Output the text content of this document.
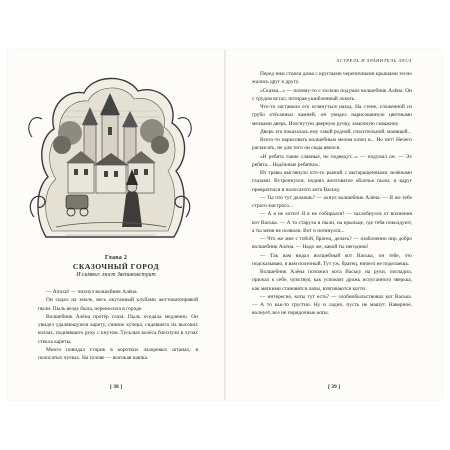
Глава 2
СКАЗОЧНЫЙ ГОРОД
И символ: мост Звенинокстрит

— Апчхи! — чихнул волшебник Алёна.

Он сидел на земле, весь окутанный клубами жестоватонрявой пыли. Пыль везде была, переносила в городе.

Волшебник Алёна протёр глаза. Пыль оседала медленно. Он увидел удаляющуюся карету, синюю кучера, сидевшего на высоких козлах, поднявшего руку с кнутом. Тусклые колёса блеснули в лучах стекла кареты.

Много повидал старик в коротких лазоревых штанах, в полосатых чулках. На голове — высокая шапка.

[ 38 ]
АСТРЕЛЬ И ХРАНИТЕЛЬ ЛЕСА

Перед ним стояли дома с круглыми черепичными крышами тесно жались друг к другу.

«Сказка...» — почему-то с тоскою подумал волшебник Алёна. Он с трудом встал, потирая ушибленный локоть.

Что-то заставило его оглянуться назад. На стене, сложенной из грубо отёсанных камней, он увидел нарисованную цветными мелками дверь. Изогнутую дверную ручку, замочную скважину.

Дверь эта показалась ему такой родной, спасительной, манящей...

Всего-то нарисовать волшебным мелом ключ и... Но нет! Нечего раскисать, не для того он сюда явился.

«И ребята такие славные, не подведут...» — подумал он. — Эх ребята... Надёжные ребятки».

Из травы выглянуло кто-то рыжий с вытаращенными зелёными глазами. Встрепнулся, поднял желтоватое обличье пыли, и вдруг превратился в полосатого кота Ваську.

— Ты что тут делаешь? — ахнул волшебник Алёна. — Я же тебе строго-настрого...

— А я не хотел! Я я не собирался! — захлебнулся от волнения кот Васька. — А то старуха в пыли, на крыльце, где тебя поколдуют, а ты меня не позвали. Вот и потянулся...

— Что же мне с тобой, братец, делать? — озабоченно пир добро волшебник Алёна. — Надо же, какой ты негодник!

— Так вам видал волшебный кот Васька, он тебе, это подсказываю, я вам полезный. Тут уж, братец, ничего не поделаешь.

Волшебник Алёна положил кота Ваську на руки, погладил, прижал к себе, чувствуя, как успокоят дрожь испуганного зверька, как мягкими становятся лапы, втягиваются когти.

— интересно, коты тут есть? — злобнобыльствовал кот Васька. — А то как-то грустно. Ну и ладно, пусть не машут. Наверное, волнует, все не порядочные коты.

[ 39 ]
